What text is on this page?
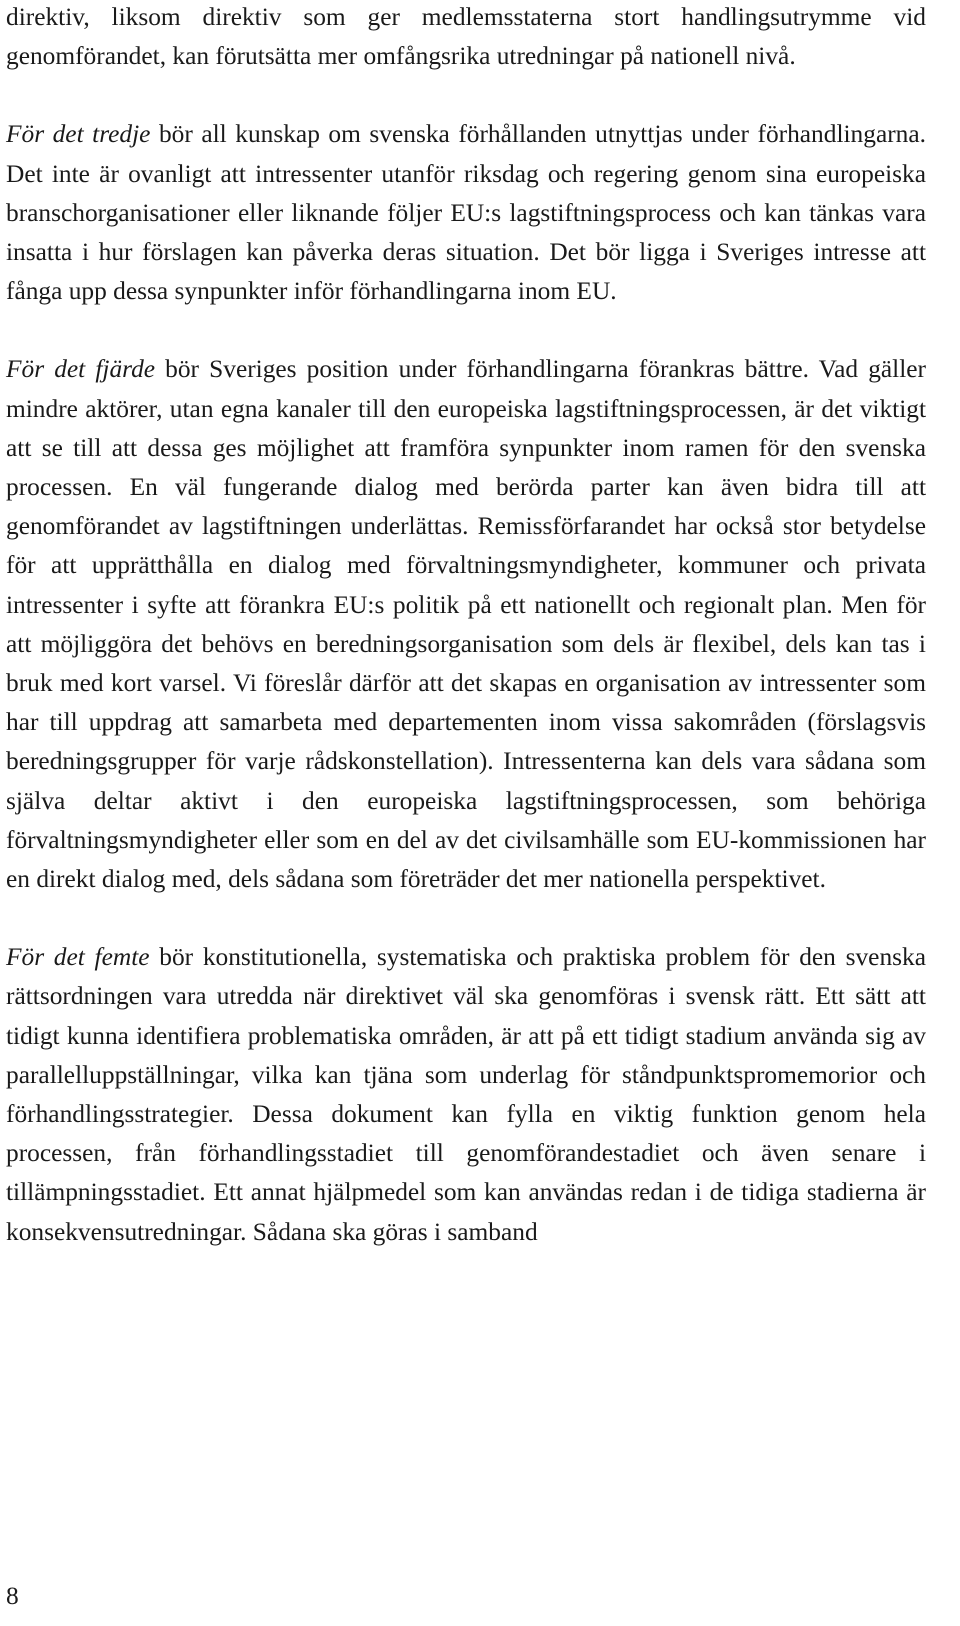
direktiv, liksom direktiv som ger medlemsstaterna stort handlingsutrymme vid genomförandet, kan förutsätta mer omfångsrika utredningar på nationell nivå.

För det tredje bör all kunskap om svenska förhållanden utnyttjas under förhandlingarna. Det inte är ovanligt att intressenter utanför riksdag och regering genom sina europeiska branschorganisationer eller liknande följer EU:s lagstiftningsprocess och kan tänkas vara insatta i hur förslagen kan påverka deras situation. Det bör ligga i Sveriges intresse att fånga upp dessa synpunkter inför förhandlingarna inom EU.

För det fjärde bör Sveriges position under förhandlingarna förankras bättre. Vad gäller mindre aktörer, utan egna kanaler till den europeiska lagstiftningsprocessen, är det viktigt att se till att dessa ges möjlighet att framföra synpunkter inom ramen för den svenska processen. En väl fungerande dialog med berörda parter kan även bidra till att genomförandet av lagstiftningen underlättas. Remissförfarandet har också stor betydelse för att upprätthålla en dialog med förvaltningsmyndigheter, kommuner och privata intressenter i syfte att förankra EU:s politik på ett nationellt och regionalt plan. Men för att möjliggöra det behövs en beredningsorganisation som dels är flexibel, dels kan tas i bruk med kort varsel. Vi föreslår därför att det skapas en organisation av intressenter som har till uppdrag att samarbeta med departementen inom vissa sakområden (förslagsvis beredningsgrupper för varje rådskonstellation). Intressenterna kan dels vara sådana som själva deltar aktivt i den europeiska lagstiftningsprocessen, som behöriga förvaltningsmyndigheter eller som en del av det civilsamhälle som EU-kommissionen har en direkt dialog med, dels sådana som företräder det mer nationella perspektivet.

För det femte bör konstitutionella, systematiska och praktiska problem för den svenska rättsordningen vara utredda när direktivet väl ska genomföras i svensk rätt. Ett sätt att tidigt kunna identifiera problematiska områden, är att på ett tidigt stadium använda sig av parallelluppställningar, vilka kan tjäna som underlag för ståndpunktspromemorior och förhandlingsstrategier. Dessa dokument kan fylla en viktig funktion genom hela processen, från förhandlingsstadiet till genomförandestadiet och även senare i tillämpningsstadiet. Ett annat hjälpmedel som kan användas redan i de tidiga stadierna är konsekvensutredningar. Sådana ska göras i samband

8
